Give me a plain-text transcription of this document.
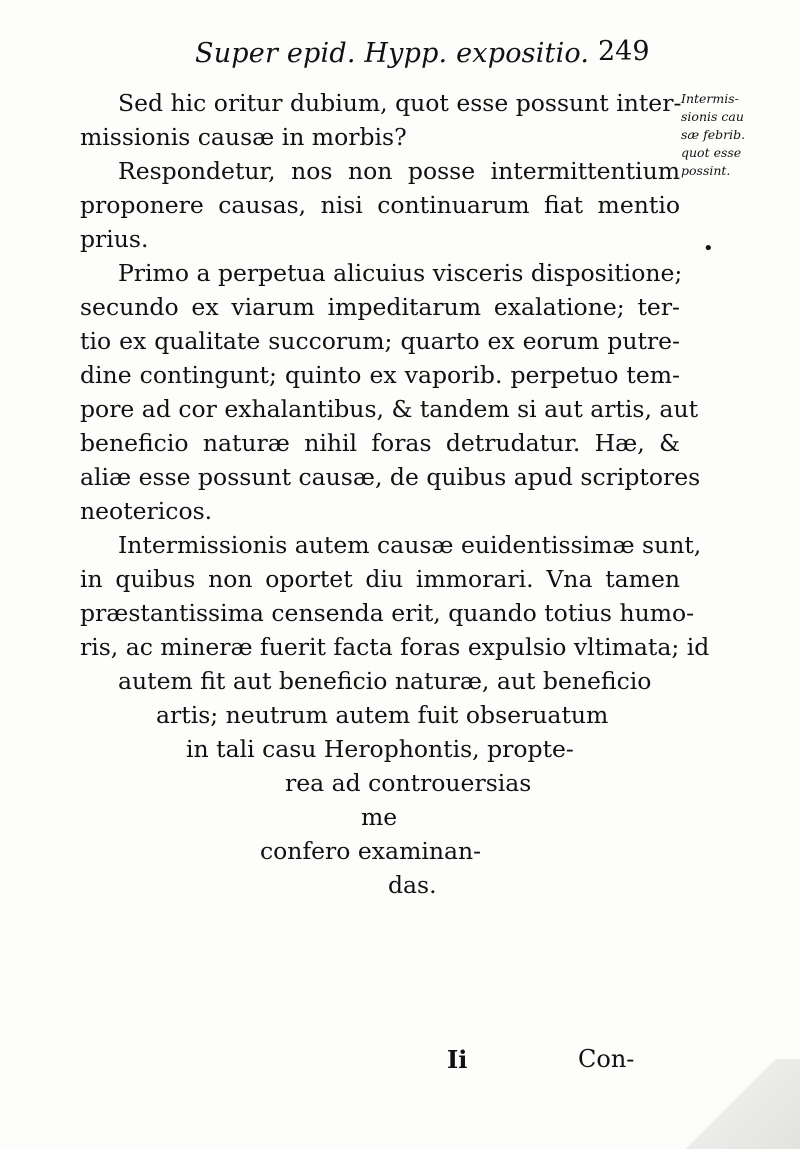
Super epid. Hypp. expositio. 249
Intermis-
sionis cau
sæ febrib.
quot esse
possint.
•
Sed hic oritur dubium, quot esse possunt inter-
missionis causæ in morbis?
Respondetur, nos non posse intermittentium
proponere causas, nisi continuarum fiat mentio
prius.
Primo a perpetua alicuius visceris dispositione;
secundo ex viarum impeditarum exalatione; ter-
tio ex qualitate succorum; quarto ex eorum putre-
dine contingunt; quinto ex vaporib. perpetuo tem-
pore ad cor exhalantibus, & tandem si aut artis, aut
beneficio naturæ nihil foras detrudatur. Hæ, &
aliæ esse possunt causæ, de quibus apud scriptores
neotericos.
Intermissionis autem causæ euidentissimæ sunt,
in quibus non oportet diu immorari. Vna tamen
præstantissima censenda erit, quando totius humo-
ris, ac mineræ fuerit facta foras expulsio vltimata; id
autem fit aut beneficio naturæ, aut beneficio
artis; neutrum autem fuit obseruatum
in tali casu Herophontis, propte-
rea ad controuersias
me
confero examinan-
das.
Ii	Con-
